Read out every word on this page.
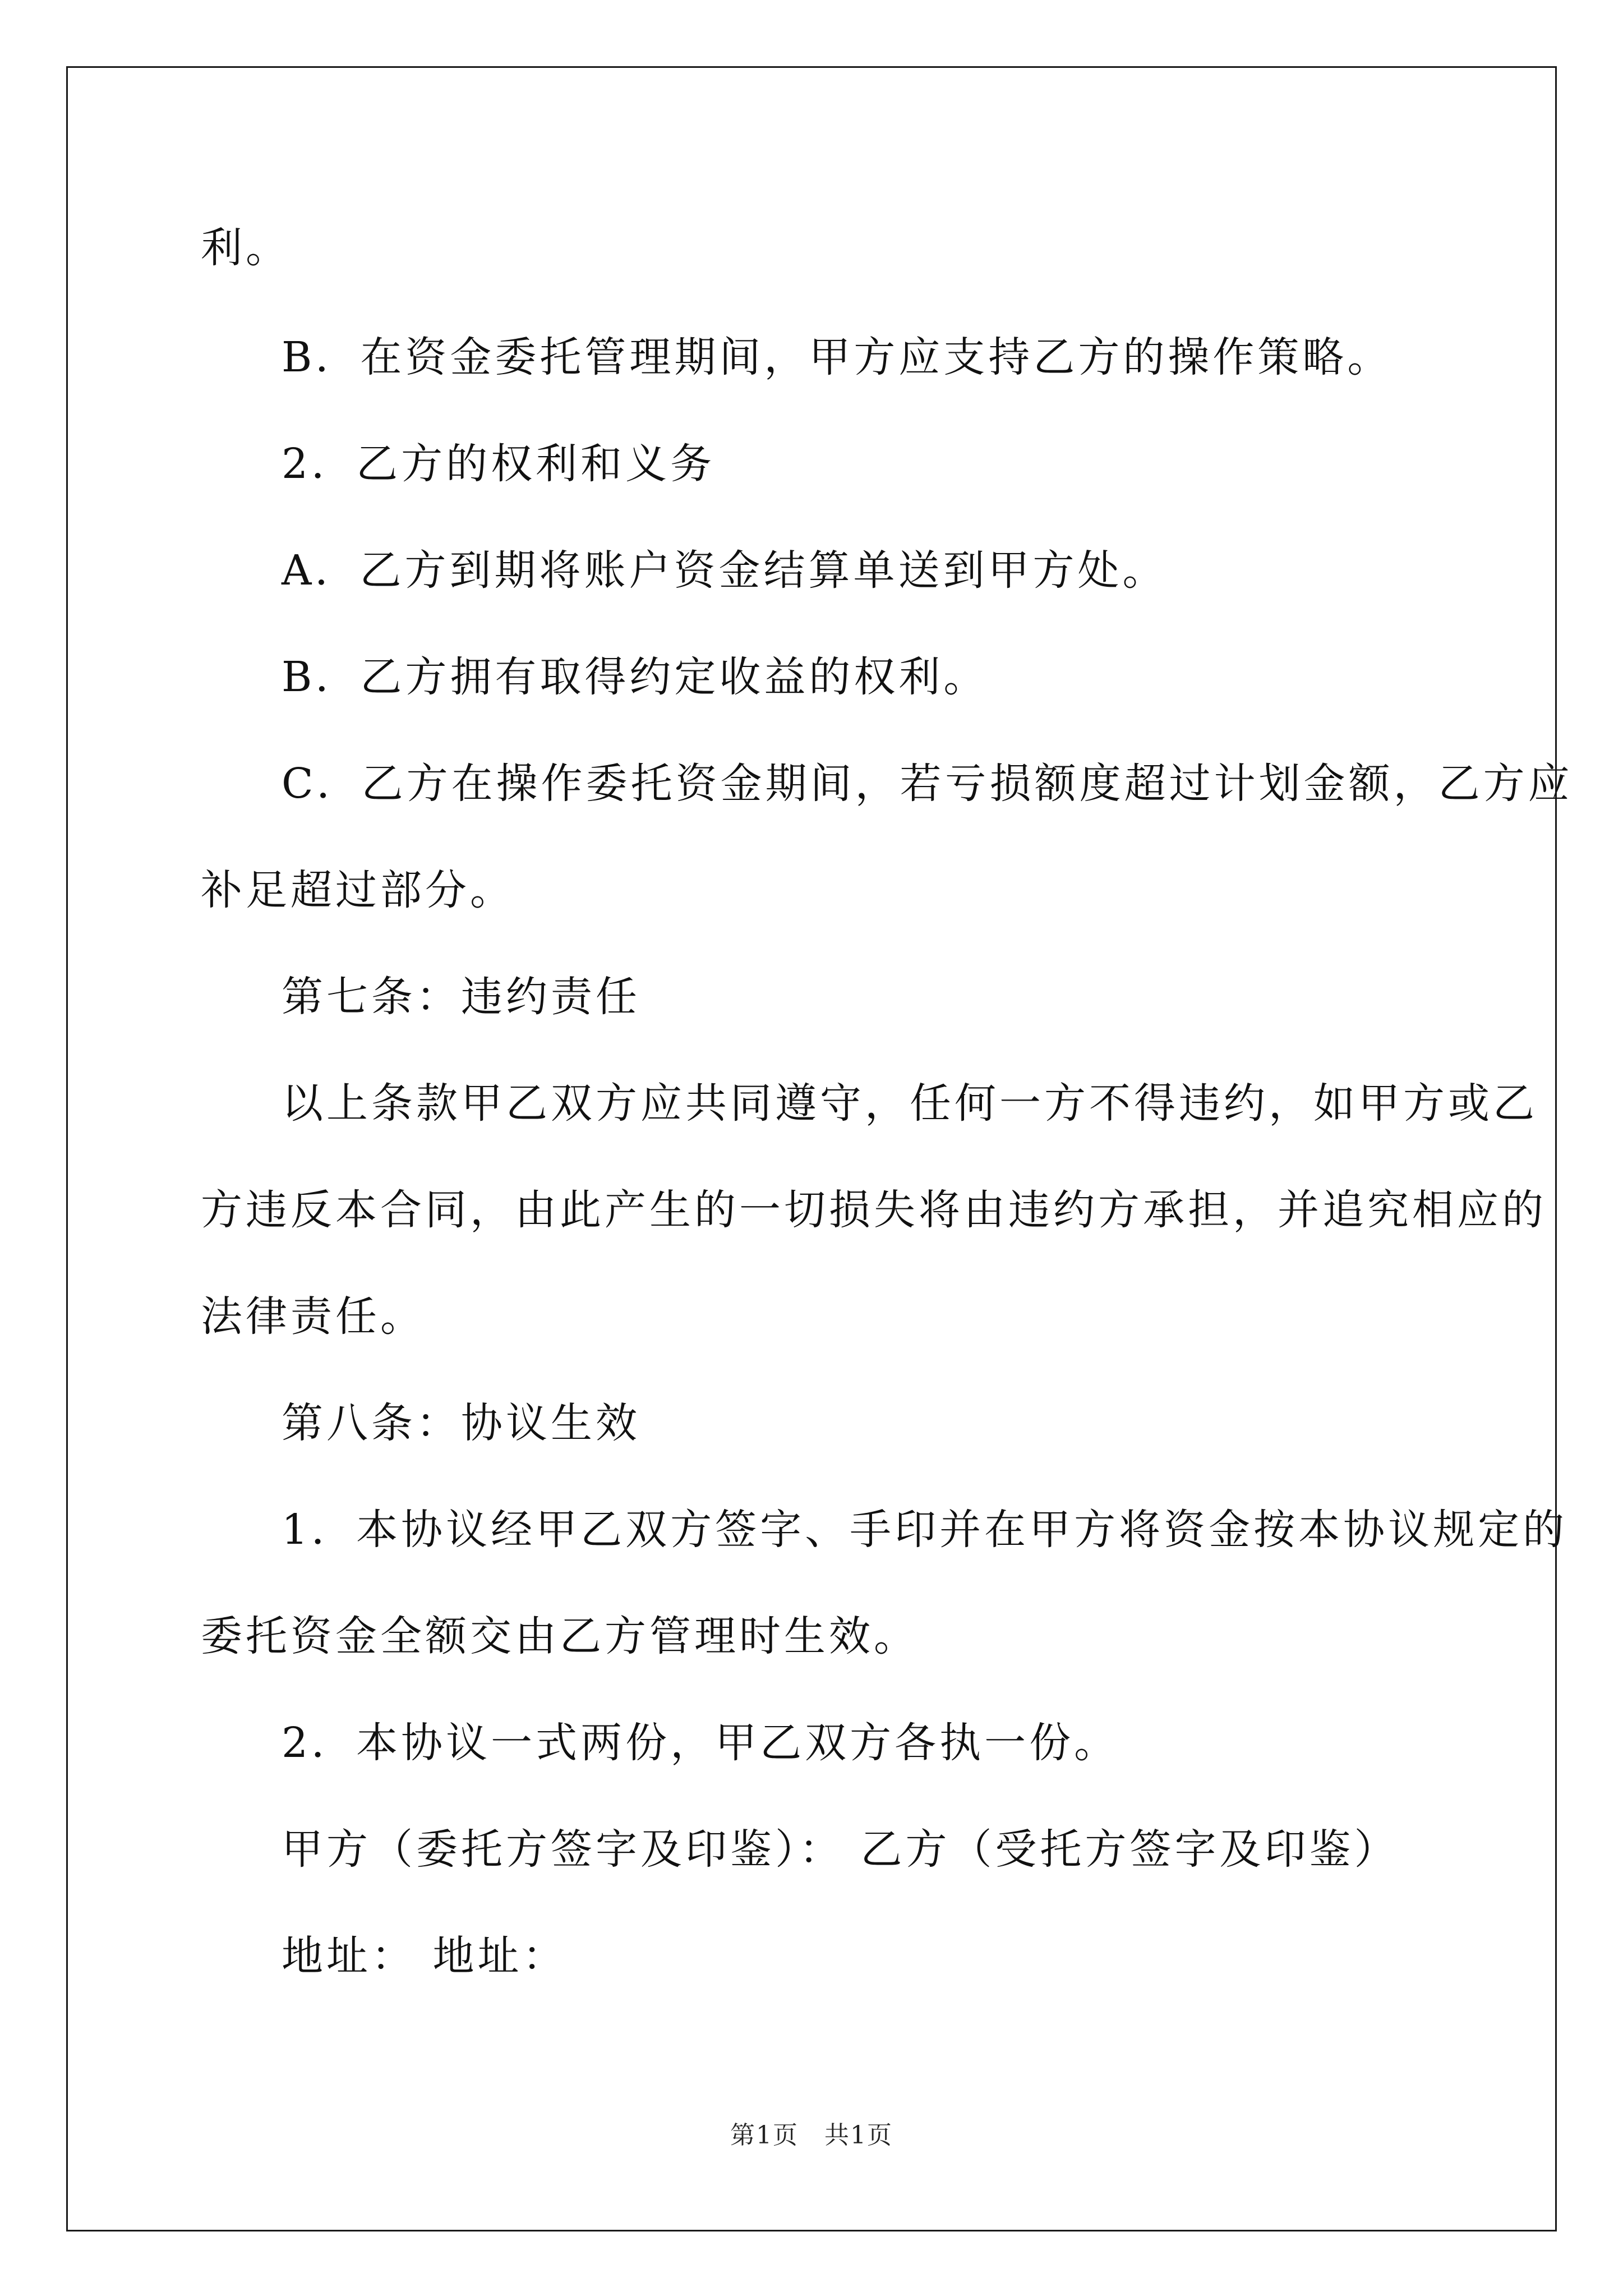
利。
B．在资金委托管理期间，甲方应支持乙方的操作策略。
2．乙方的权利和义务
A．乙方到期将账户资金结算单送到甲方处。
B．乙方拥有取得约定收益的权利。
C．乙方在操作委托资金期间，若亏损额度超过计划金额，乙方应
补足超过部分。
第七条：违约责任
以上条款甲乙双方应共同遵守，任何一方不得违约，如甲方或乙
方违反本合同，由此产生的一切损失将由违约方承担，并追究相应的
法律责任。
第八条：协议生效
1．本协议经甲乙双方签字、手印并在甲方将资金按本协议规定的
委托资金全额交由乙方管理时生效。
2．本协议一式两份，甲乙双方各执一份。
甲方（委托方签字及印鉴）： 乙方（受托方签字及印鉴）
地址： 地址：
第1页　共1页
